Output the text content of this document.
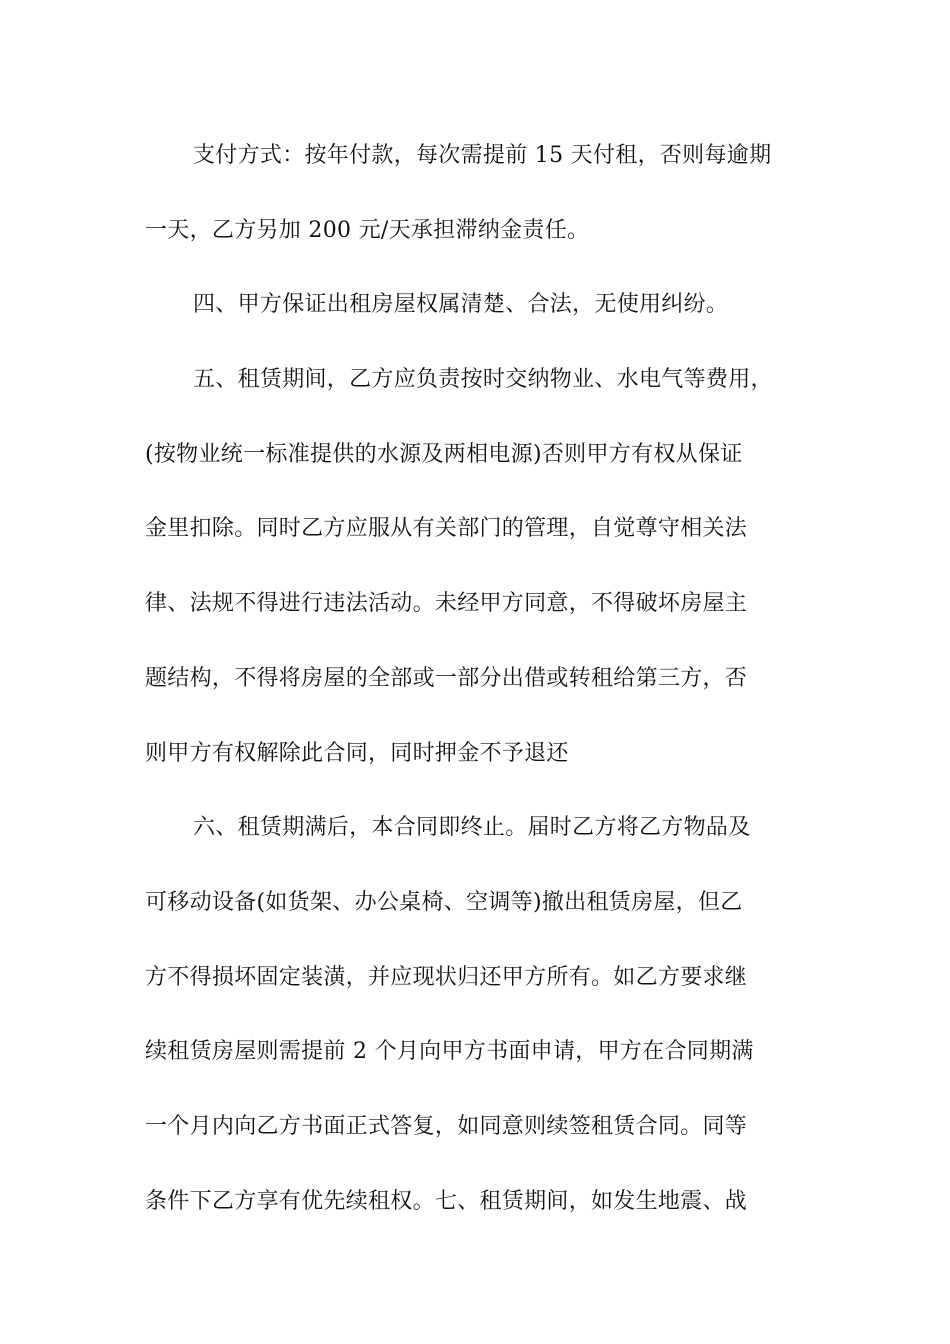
支付方式：按年付款，每次需提前 15 天付租，否则每逾期
一天，乙方另加 200 元/天承担滞纳金责任。
四、甲方保证出租房屋权属清楚、合法，无使用纠纷。
五、租赁期间，乙方应负责按时交纳物业、水电气等费用，
(按物业统一标准提供的水源及两相电源)否则甲方有权从保证
金里扣除。同时乙方应服从有关部门的管理，自觉尊守相关法
律、法规不得进行违法活动。未经甲方同意，不得破坏房屋主
题结构，不得将房屋的全部或一部分出借或转租给第三方，否
则甲方有权解除此合同，同时押金不予退还
六、租赁期满后，本合同即终止。届时乙方将乙方物品及
可移动设备(如货架、办公桌椅、空调等)撤出租赁房屋，但乙
方不得损坏固定装潢，并应现状归还甲方所有。如乙方要求继
续租赁房屋则需提前 2 个月向甲方书面申请，甲方在合同期满
一个月内向乙方书面正式答复，如同意则续签租赁合同。同等
条件下乙方享有优先续租权。七、租赁期间，如发生地震、战
